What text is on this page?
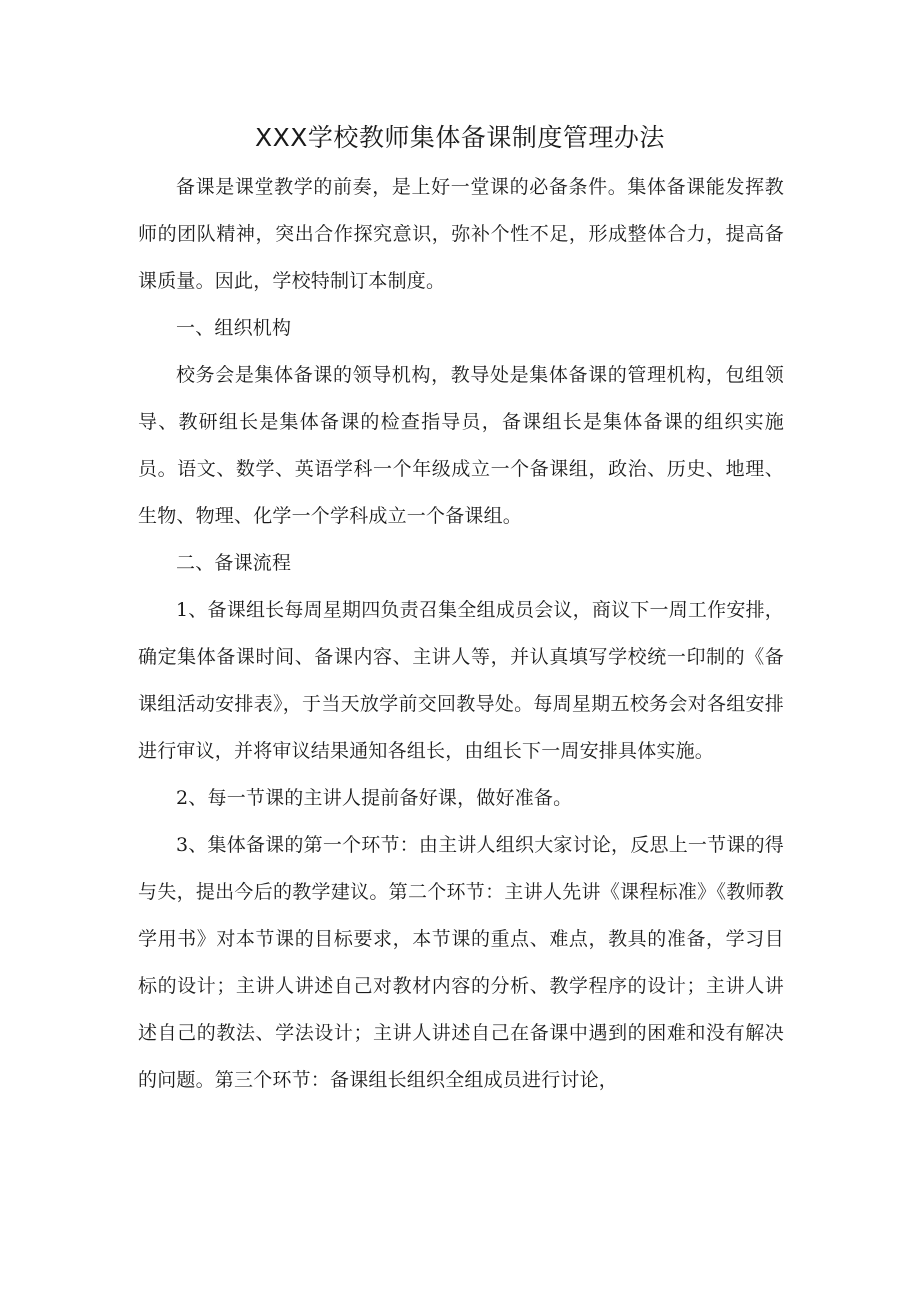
XXX学校教师集体备课制度管理办法

备课是课堂教学的前奏，是上好一堂课的必备条件。集体备课能发挥教师的团队精神，突出合作探究意识，弥补个性不足，形成整体合力，提高备课质量。因此，学校特制订本制度。

一、组织机构

校务会是集体备课的领导机构，教导处是集体备课的管理机构，包组领导、教研组长是集体备课的检查指导员，备课组长是集体备课的组织实施员。语文、数学、英语学科一个年级成立一个备课组，政治、历史、地理、生物、物理、化学一个学科成立一个备课组。

二、备课流程

1、备课组长每周星期四负责召集全组成员会议，商议下一周工作安排，确定集体备课时间、备课内容、主讲人等，并认真填写学校统一印制的《备课组活动安排表》，于当天放学前交回教导处。每周星期五校务会对各组安排进行审议，并将审议结果通知各组长，由组长下一周安排具体实施。

2、每一节课的主讲人提前备好课，做好准备。

3、集体备课的第一个环节：由主讲人组织大家讨论，反思上一节课的得与失，提出今后的教学建议。第二个环节：主讲人先讲《课程标准》《教师教学用书》对本节课的目标要求，本节课的重点、难点，教具的准备，学习目标的设计；主讲人讲述自己对教材内容的分析、教学程序的设计；主讲人讲述自己的教法、学法设计；主讲人讲述自己在备课中遇到的困难和没有解决的问题。第三个环节：备课组长组织全组成员进行讨论，
